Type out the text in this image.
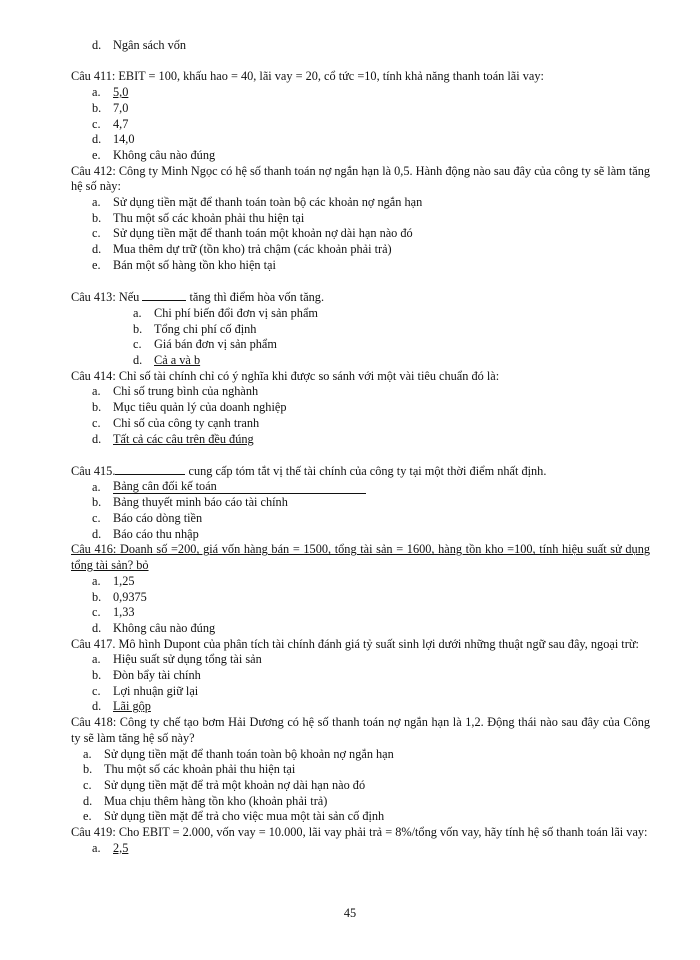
d. Ngân sách vốn
Câu 411: EBIT = 100, khấu hao = 40, lãi vay = 20, cổ tức =10, tính khả năng thanh toán lãi vay:
a.	5,0
b. 7,0
c.	4,7
d. 14,0
e.	Không câu nào đúng
Câu 412: Công ty Minh Ngọc có hệ số thanh toán nợ ngắn hạn là 0,5. Hành động nào sau đây của công ty sẽ làm tăng hệ số này:
a.	Sử dụng tiền mặt để thanh toán toàn bộ các khoản nợ ngắn hạn
b. Thu một số các khoản phải thu hiện tại
c.	Sử dụng tiền mặt để thanh toán một khoản nợ dài hạn nào đó
d. Mua thêm dự trữ (tồn kho) trả chậm (các khoản phải trả)
e.	Bán một số hàng tồn kho hiện tại
Câu 413: Nếu	tăng thì điểm hòa vốn tăng.
a.	Chi phí biến đổi đơn vị sản phẩm
b. Tổng chi phí cố định
c.	Giá bán đơn vị sản phẩm
d. Cả a và b
Câu 414: Chỉ số tài chính chỉ có ý nghĩa khi được so sánh với một vài tiêu chuẩn đó là:
a.	Chỉ số trung bình của nghành
b. Mục tiêu quản lý của doanh nghiệp
c.	Chỉ số của công ty cạnh tranh
d. Tất cả các câu trên đều đúng
Câu 415.	cung cấp tóm tắt vị thế tài chính của công ty tại một thời điểm nhất định.
a.	Bảng cân đối kế toán
b. Bảng thuyết minh báo cáo tài chính
c.	Báo cáo dòng tiền
d. Báo cáo thu nhập
Câu 416: Doanh số =200, giá vốn hàng bán = 1500, tổng tài sản = 1600, hàng tồn kho =100, tính hiệu suất sử dụng tổng tài sản? bỏ
a.	1,25
b. 0,9375
c.	1,33
d. Không câu nào đúng
Câu 417. Mô hình Dupont của phân tích tài chính đánh giá tỷ suất sinh lợi dưới những thuật ngữ sau đây, ngoại trừ:
a.	Hiệu suất sử dụng tổng tài sản
b. Đòn bẩy tài chính
c.	Lợi nhuận giữ lại
d. Lãi gộp
Câu 418: Công ty chế tạo bơm Hải Dương có hệ số thanh toán nợ ngắn hạn là 1,2. Động thái nào sau đây của Công ty sẽ làm tăng hệ số này?
a.	Sử dụng tiền mặt để thanh toán toàn bộ khoản nợ ngắn hạn
b. Thu một số các khoản phải thu hiện tại
c.	Sử dụng tiền mặt để trả một khoản nợ dài hạn nào đó
d. Mua chịu thêm hàng tồn kho (khoản phải trả)
e.	Sử dụng tiền mặt để trả cho việc mua một tài sản cố định
Câu 419: Cho EBIT = 2.000, vốn vay = 10.000, lãi vay phải trả = 8%/tổng vốn vay, hãy tính hệ số thanh toán lãi vay:
a.	2,5
45
